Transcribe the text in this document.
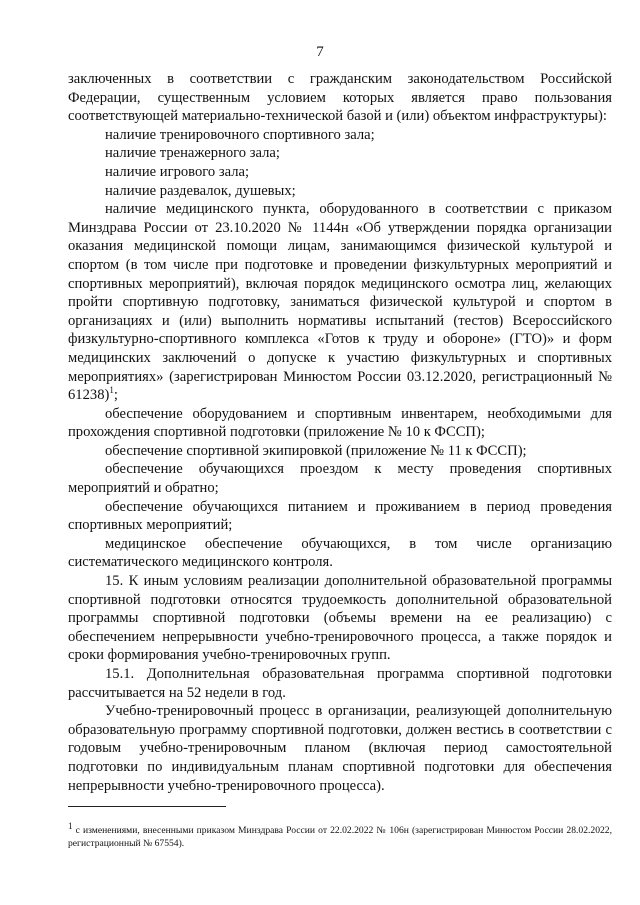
7

заключенных в соответствии с гражданским законодательством Российской Федерации, существенным условием которых является право пользования соответствующей материально-технической базой и (или) объектом инфраструктуры):

наличие тренировочного спортивного зала;

наличие тренажерного зала;

наличие игрового зала;

наличие раздевалок, душевых;

наличие медицинского пункта, оборудованного в соответствии с приказом Минздрава России от 23.10.2020 № 1144н «Об утверждении порядка организации оказания медицинской помощи лицам, занимающимся физической культурой и спортом (в том числе при подготовке и проведении физкультурных мероприятий и спортивных мероприятий), включая порядок медицинского осмотра лиц, желающих пройти спортивную подготовку, заниматься физической культурой и спортом в организациях и (или) выполнить нормативы испытаний (тестов) Всероссийского физкультурно-спортивного комплекса «Готов к труду и обороне» (ГТО)» и форм медицинских заключений о допуске к участию физкультурных и спортивных мероприятиях» (зарегистрирован Минюстом России 03.12.2020, регистрационный № 61238)$^1$;

обеспечение оборудованием и спортивным инвентарем, необходимыми для прохождения спортивной подготовки (приложение № 10 к ФССП);

обеспечение спортивной экипировкой (приложение № 11 к ФССП);

обеспечение обучающихся проездом к месту проведения спортивных мероприятий и обратно;

обеспечение обучающихся питанием и проживанием в период проведения спортивных мероприятий;

медицинское обеспечение обучающихся, в том числе организацию систематического медицинского контроля.

15. К иным условиям реализации дополнительной образовательной программы спортивной подготовки относятся трудоемкость дополнительной образовательной программы спортивной подготовки (объемы времени на ее реализацию) с обеспечением непрерывности учебно-тренировочного процесса, а также порядок и сроки формирования учебно-тренировочных групп.

15.1. Дополнительная образовательная программа спортивной подготовки рассчитывается на 52 недели в год.

Учебно-тренировочный процесс в организации, реализующей дополнительную образовательную программу спортивной подготовки, должен вестись в соответствии с годовым учебно-тренировочным планом (включая период самостоятельной подготовки по индивидуальным планам спортивной подготовки для обеспечения непрерывности учебно-тренировочного процесса).

1 с изменениями, внесенными приказом Минздрава России от 22.02.2022 № 106н (зарегистрирован Минюстом России 28.02.2022, регистрационный № 67554).
